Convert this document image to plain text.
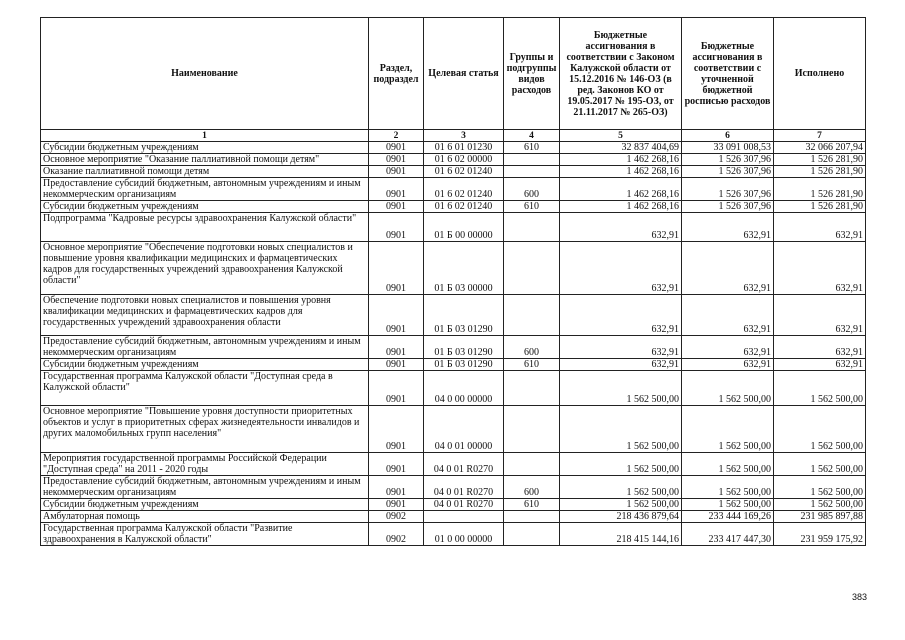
Наименование	Раздел, подраздел	Целевая статья	Группы и подгруппы видов расходов	Бюджетные ассигнования в соответствии с Законом Калужской области от 15.12.2016 № 146-ОЗ (в ред. Законов КО от 19.05.2017 № 195-ОЗ, от 21.11.2017 № 265-ОЗ)	Бюджетные ассигнования в соответствии с уточненной бюджетной росписью расходов	Исполнено
1	2	3	4	5	6	7
Субсидии бюджетным учреждениям	0901	01 6 01 01230	610	32 837 404,69	33 091 008,53	32 066 207,94
Основное мероприятие "Оказание паллиативной помощи детям"	0901	01 6 02 00000		1 462 268,16	1 526 307,96	1 526 281,90
Оказание паллиативной помощи детям	0901	01 6 02 01240		1 462 268,16	1 526 307,96	1 526 281,90
Предоставление субсидий бюджетным, автономным учреждениям и иным некоммерческим организациям	0901	01 6 02 01240	600	1 462 268,16	1 526 307,96	1 526 281,90
Субсидии бюджетным учреждениям	0901	01 6 02 01240	610	1 462 268,16	1 526 307,96	1 526 281,90
Подпрограмма "Кадровые ресурсы здравоохранения Калужской области"	0901	01 Б 00 00000		632,91	632,91	632,91
Основное мероприятие "Обеспечение подготовки новых специалистов и повышение уровня квалификации медицинских и фармацевтических кадров для государственных учреждений здравоохранения Калужской области"	0901	01 Б 03 00000		632,91	632,91	632,91
Обеспечение подготовки новых специалистов и повышения уровня квалификации медицинских и фармацевтических кадров для государственных учреждений здравоохранения области	0901	01 Б 03 01290		632,91	632,91	632,91
Предоставление субсидий бюджетным, автономным учреждениям и иным некоммерческим организациям	0901	01 Б 03 01290	600	632,91	632,91	632,91
Субсидии бюджетным учреждениям	0901	01 Б 03 01290	610	632,91	632,91	632,91
Государственная программа Калужской области "Доступная среда в Калужской области"	0901	04 0 00 00000		1 562 500,00	1 562 500,00	1 562 500,00
Основное мероприятие "Повышение уровня доступности приоритетных объектов и услуг в приоритетных сферах жизнедеятельности инвалидов и других маломобильных групп населения"	0901	04 0 01 00000		1 562 500,00	1 562 500,00	1 562 500,00
Мероприятия государственной программы Российской Федерации "Доступная среда" на 2011 - 2020 годы	0901	04 0 01 R0270		1 562 500,00	1 562 500,00	1 562 500,00
Предоставление субсидий бюджетным, автономным учреждениям и иным некоммерческим организациям	0901	04 0 01 R0270	600	1 562 500,00	1 562 500,00	1 562 500,00
Субсидии бюджетным учреждениям	0901	04 0 01 R0270	610	1 562 500,00	1 562 500,00	1 562 500,00
Амбулаторная помощь	0902			218 436 879,64	233 444 169,26	231 985 897,88
Государственная программа Калужской области "Развитие здравоохранения в Калужской области"	0902	01 0 00 00000		218 415 144,16	233 417 447,30	231 959 175,92
383
